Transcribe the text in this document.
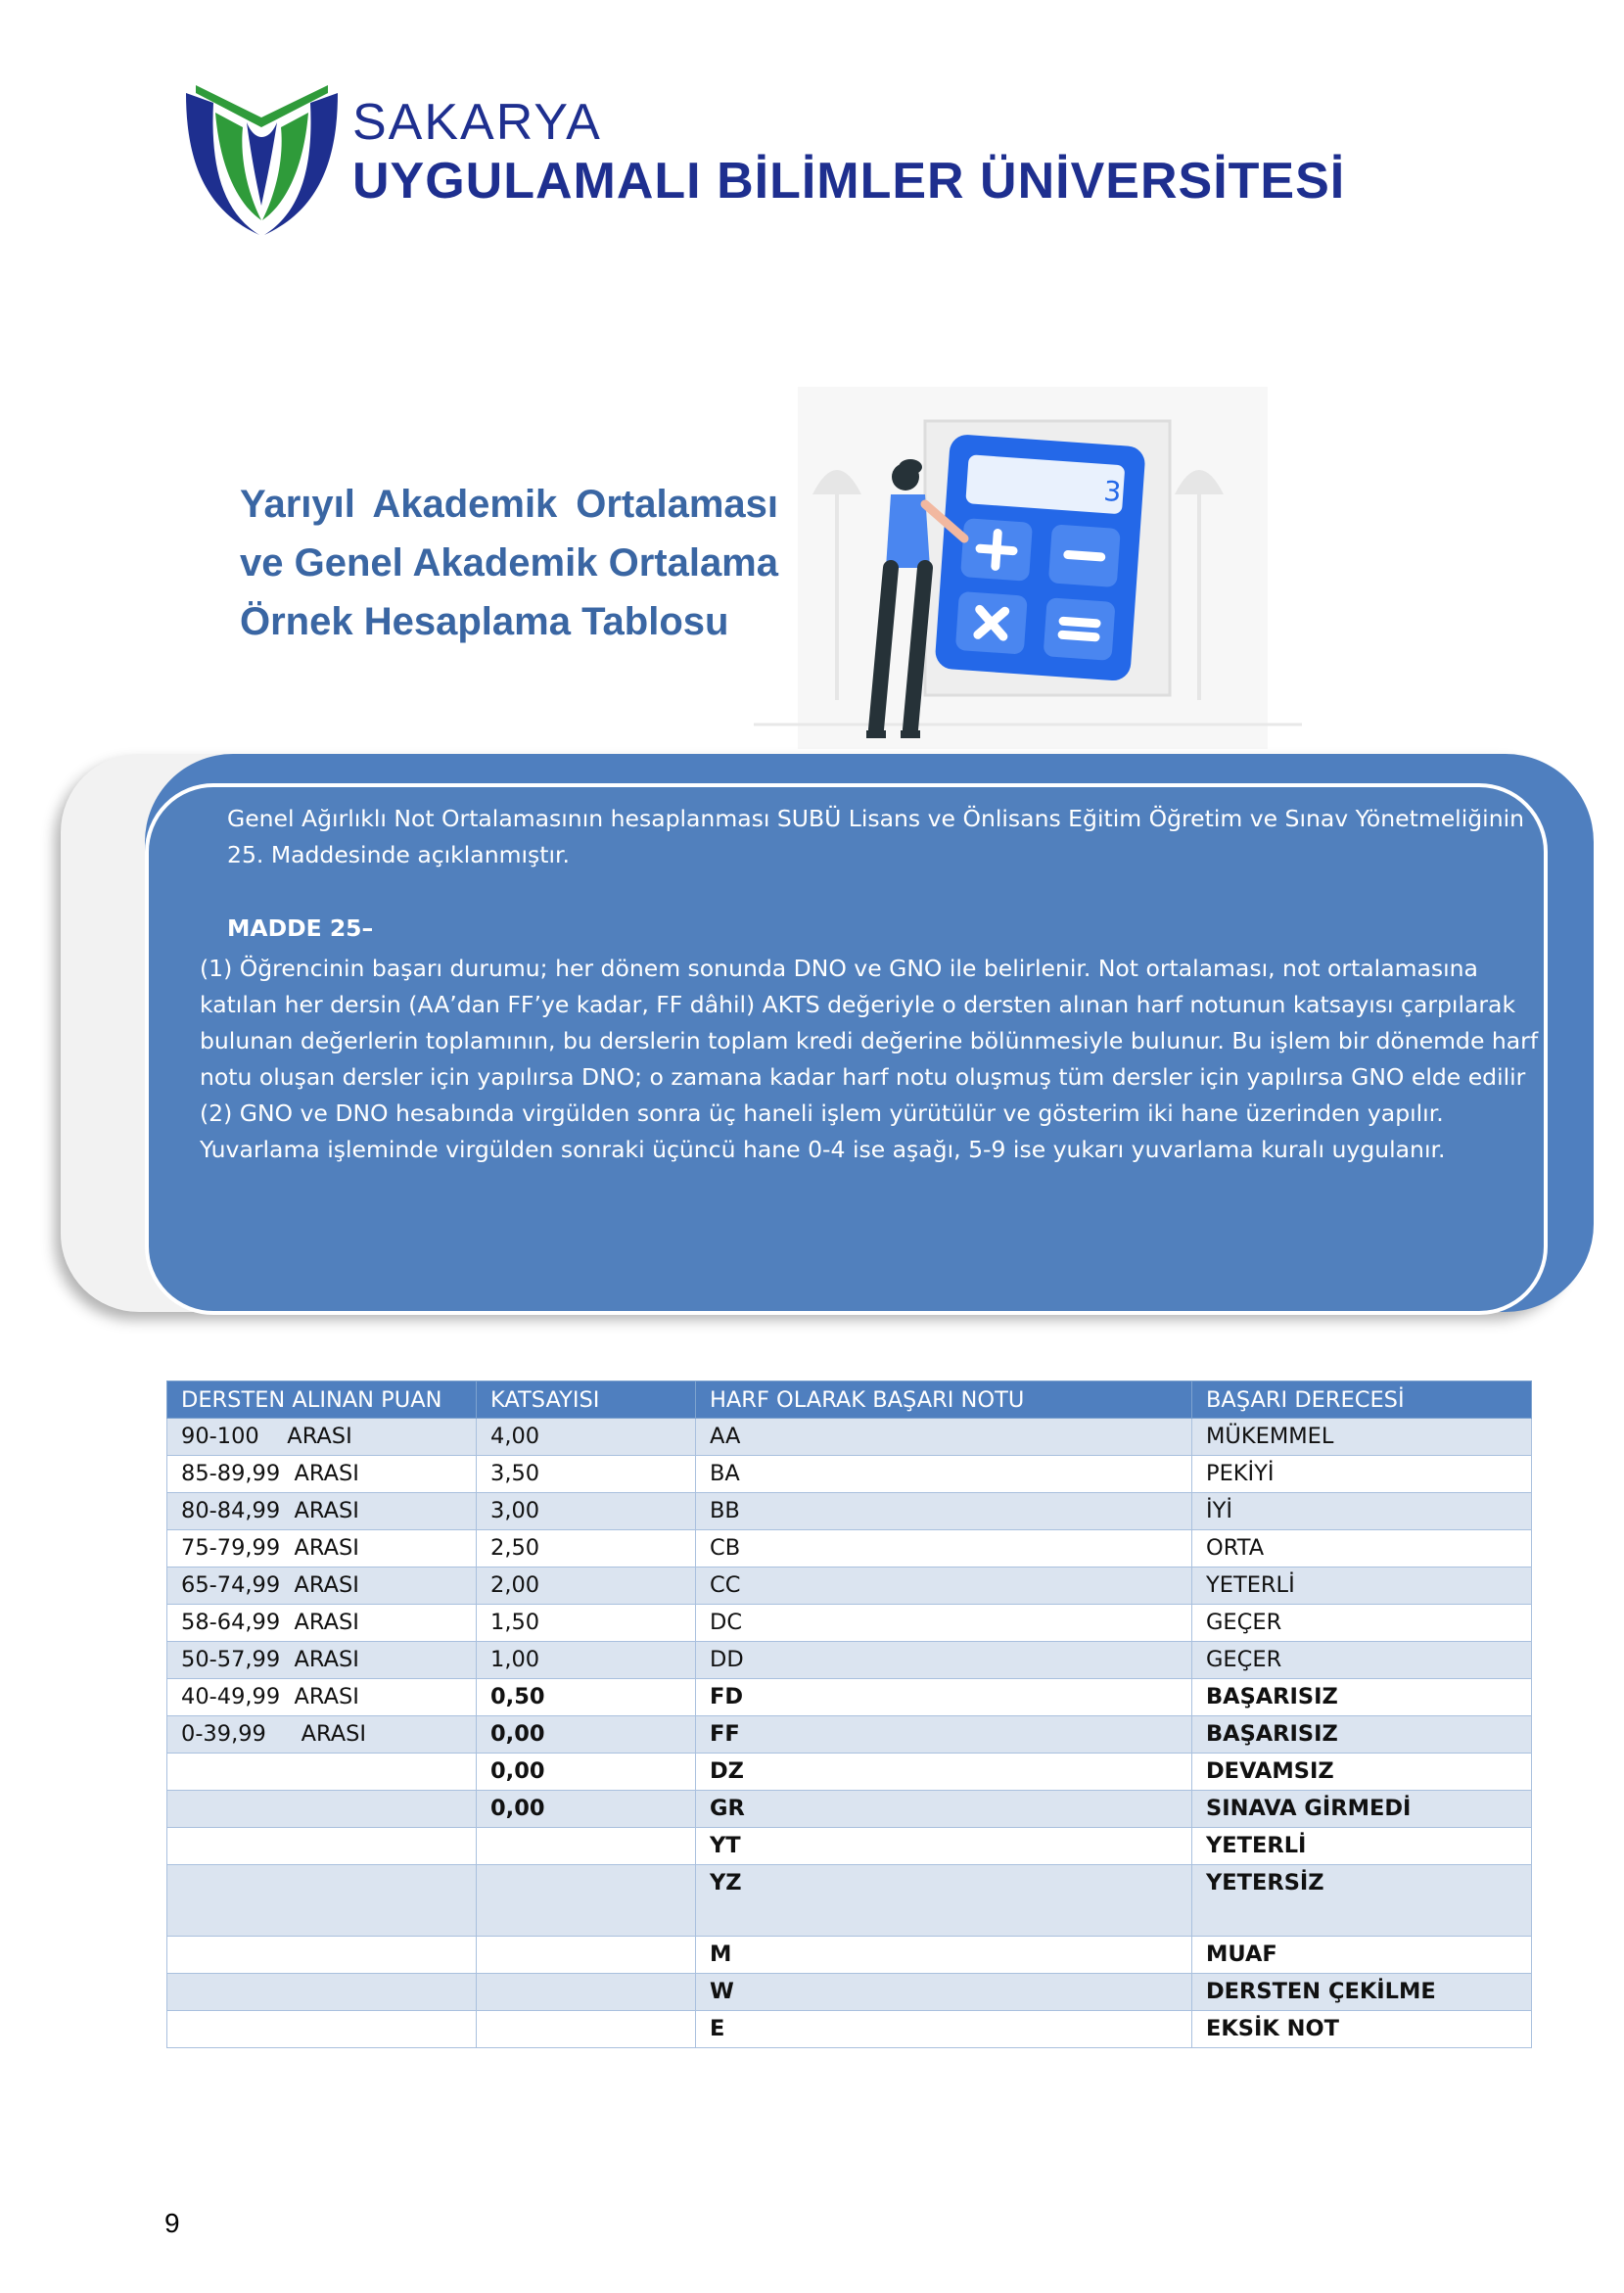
SAKARYA
UYGULAMALI BİLİMLER ÜNİVERSİTESİ
3
Yarıyıl Akademik Ortalaması
ve Genel Akademik Ortalama
Örnek Hesaplama Tablosu
Genel Ağırlıklı Not Ortalamasının hesaplanması SUBÜ Lisans ve Önlisans Eğitim Öğretim ve Sınav Yönetmeliğinin 25. Maddesinde açıklanmıştır.
MADDE 25–
(1) Öğrencinin başarı durumu; her dönem sonunda DNO ve GNO ile belirlenir. Not ortalaması, not ortalamasına katılan her dersin (AA’dan FF’ye kadar, FF dâhil) AKTS değeriyle o dersten alınan harf notunun katsayısı çarpılarak bulunan değerlerin toplamının, bu derslerin toplam kredi değerine bölünmesiyle bulunur. Bu işlem bir dönemde harf notu oluşan dersler için yapılırsa DNO; o zamana kadar harf notu oluşmuş tüm dersler için yapılırsa GNO elde edilir
(2) GNO ve DNO hesabında virgülden sonra üç haneli işlem yürütülür ve gösterim iki hane üzerinden yapılır. Yuvarlama işleminde virgülden sonraki üçüncü hane 0-4 ise aşağı, 5-9 ise yukarı yuvarlama kuralı uygulanır.
DERSTEN ALINAN PUAN	KATSAYISI	HARF OLARAK BAŞARI NOTU	BAŞARI DERECESİ
90-100    ARASI	4,00	AA	MÜKEMMEL
85-89,99  ARASI	3,50	BA	PEKİYİ
80-84,99  ARASI	3,00	BB	İYİ
75-79,99  ARASI	2,50	CB	ORTA
65-74,99  ARASI	2,00	CC	YETERLİ
58-64,99  ARASI	1,50	DC	GEÇER
50-57,99  ARASI	1,00	DD	GEÇER
40-49,99  ARASI	0,50	FD	BAŞARISIZ
0-39,99     ARASI	0,00	FF	BAŞARISIZ
	0,00	DZ	DEVAMSIZ
	0,00	GR	SINAVA GİRMEDİ
		YT	YETERLİ
		YZ	YETERSİZ
		M	MUAF
		W	DERSTEN ÇEKİLME
		E	EKSİK NOT
9
